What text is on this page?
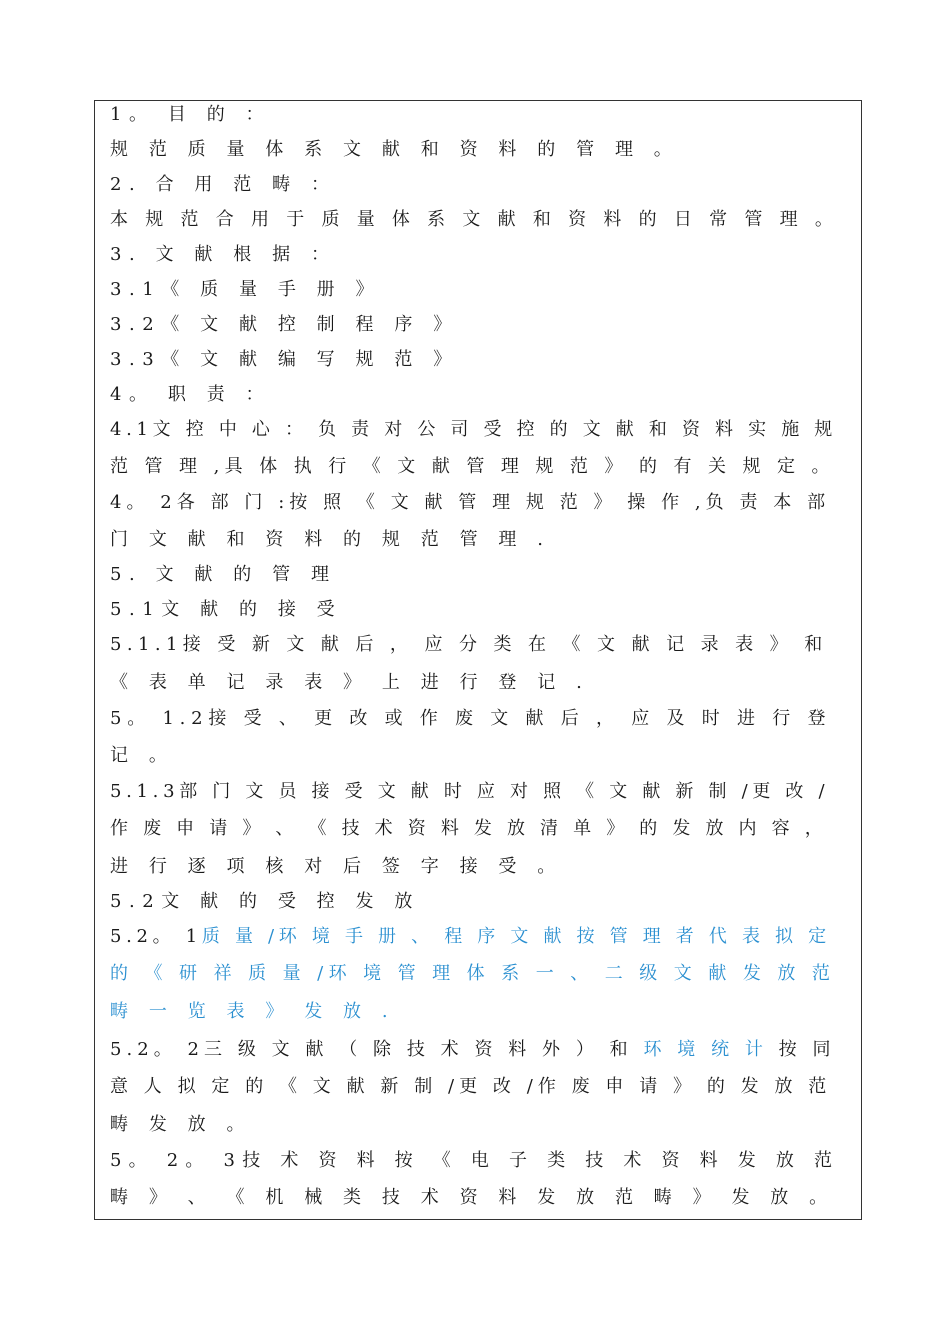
1。 目 的 ：
规 范 质 量 体 系 文 献 和 资 料 的 管 理 。
2. 合 用 范 畴 ：
本 规 范 合 用 于 质 量 体 系 文 献 和 资 料 的 日 常 管 理 。
3. 文 献 根 据 ：
3.1《 质 量 手 册 》
3.2《 文 献 控 制 程 序 》
3.3《 文 献 编 写 规 范 》
4。 职 责 ：
4.1文 控 中 心 ： 负 责 对 公 司 受 控 的 文 献 和 资 料 实 施 规
范 管 理 ,具 体 执 行 《 文 献 管 理 规 范 》 的 有 关 规 定 。
4。 2各 部 门 :按 照 《 文 献 管 理 规 范 》 操 作 ,负 责 本 部
门 文 献 和 资 料 的 规 范 管 理 .
5. 文 献 的 管 理
5.1文 献 的 接 受
5.1.1接 受 新 文 献 后 ， 应 分 类 在 《 文 献 记 录 表 》 和
《 表 单 记 录 表 》 上 进 行 登 记 .
5。 1.2接 受 、 更 改 或 作 废 文 献 后 ， 应 及 时 进 行 登
记 。
5.1.3部 门 文 员 接 受 文 献 时 应 对 照 《 文 献 新 制 /更 改 /
作 废 申 请 》 、 《 技 术 资 料 发 放 清 单 》 的 发 放 内 容 ，
进 行 逐 项 核 对 后 签 字 接 受 。
5.2文 献 的 受 控 发 放
5.2。 1质 量 /环 境 手 册 、 程 序 文 献 按 管 理 者 代 表 拟 定
的 《 研 祥 质 量 /环 境 管 理 体 系 一 、 二 级 文 献 发 放 范
畴 一 览 表 》 发 放 .
5.2。 2三 级 文 献 （ 除 技 术 资 料 外 ） 和 环 境 统 计 按 同
意 人 拟 定 的 《 文 献 新 制 /更 改 /作 废 申 请 》 的 发 放 范
畴 发 放 。
5。 2。 3技 术 资 料 按 《 电 子 类 技 术 资 料 发 放 范
畴 》 、 《 机 械 类 技 术 资 料 发 放 范 畴 》 发 放 。
